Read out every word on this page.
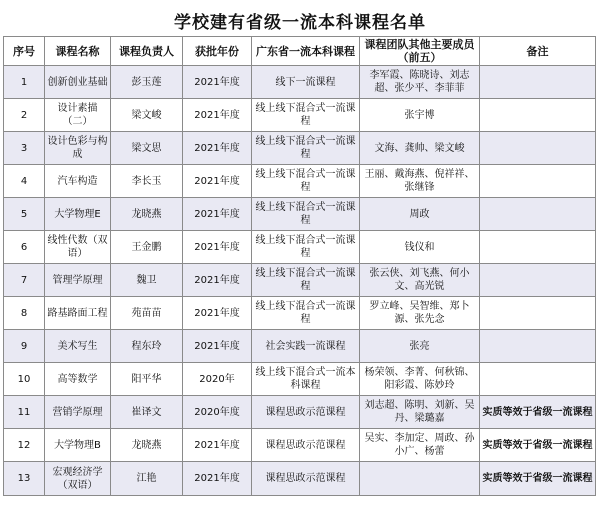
学校建有省级一流本科课程名单
序号	课程名称	课程负责人	获批年份	广东省一流本科课程	课程团队其他主要成员（前五）	备注
1	创新创业基础	彭玉莲	2021年度	线下一流课程	李军霞、陈晓诗、刘志超、张少平、李菲菲	
2	设计素描（二）	梁文峻	2021年度	线上线下混合式一流课程	张宇博	
3	设计色彩与构成	梁文思	2021年度	线上线下混合式一流课程	文海、龚帅、梁文峻	
4	汽车构造	李长玉	2021年度	线上线下混合式一流课程	王丽、戴海燕、倪祥祥、张继锋	
5	大学物理E	龙晓燕	2021年度	线上线下混合式一流课程	周政	
6	线性代数（双语）	王金鹏	2021年度	线上线下混合式一流课程	钱仪和	
7	管理学原理	魏卫	2021年度	线上线下混合式一流课程	张云侠、刘飞燕、何小文、高光锐	
8	路基路面工程	苑苗苗	2021年度	线上线下混合式一流课程	罗立峰、吴智维、郑卜源、张先念	
9	美术写生	程东玲	2021年度	社会实践一流课程	张亮	
10	高等数学	阳平华	2020年	线上线下混合式一流本科课程	杨荣领、李菁、何秋锦、阳彩霞、陈妙玲	
11	营销学原理	崔译文	2020年度	课程思政示范课程	刘志超、陈明、刘新、吴丹、梁璐嘉	实质等效于省级一流课程
12	大学物理B	龙晓燕	2021年度	课程思政示范课程	吴实、李加定、周政、孙小广、杨蕾	实质等效于省级一流课程
13	宏观经济学（双语）	江艳	2021年度	课程思政示范课程		实质等效于省级一流课程
